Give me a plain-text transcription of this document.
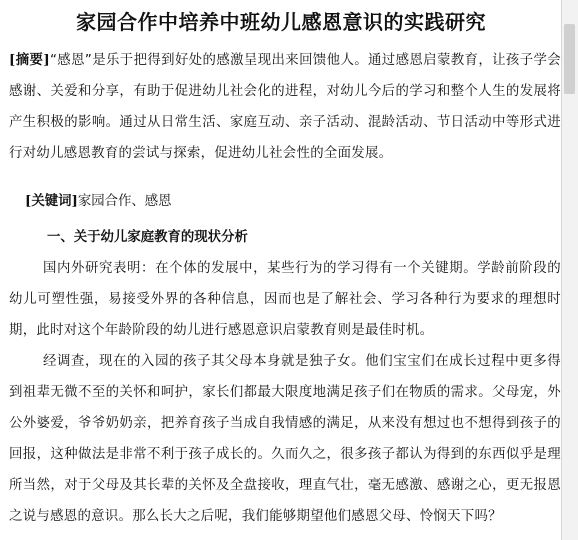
家园合作中培养中班幼儿感恩意识的实践研究

[摘要]“感恩”是乐于把得到好处的感激呈现出来回馈他人。通过感恩启蒙教育，让孩子学会感谢、关爱和分享，有助于促进幼儿社会化的进程，对幼儿今后的学习和整个人生的发展将产生积极的影响。通过从日常生活、家庭互动、亲子活动、混龄活动、节日活动中等形式进行对幼儿感恩教育的尝试与探索，促进幼儿社会性的全面发展。

[关键词]家园合作、感恩

一、关于幼儿家庭教育的现状分析

国内外研究表明：在个体的发展中，某些行为的学习得有一个关键期。学龄前阶段的幼儿可塑性强，易接受外界的各种信息，因而也是了解社会、学习各种行为要求的理想时期，此时对这个年龄阶段的幼儿进行感恩意识启蒙教育则是最佳时机。

经调查，现在的入园的孩子其父母本身就是独子女。他们宝宝们在成长过程中更多得到祖辈无微不至的关怀和呵护，家长们都最大限度地满足孩子们在物质的需求。父母宠，外公外婆爱，爷爷奶奶亲，把养育孩子当成自我情感的满足，从来没有想过也不想得到孩子的回报，这种做法是非常不利于孩子成长的。久而久之，很多孩子都认为得到的东西似乎是理所当然，对于父母及其长辈的关怀及全盘接收，理直气壮，毫无感激、感谢之心，更无报恩之说与感恩的意识。那么长大之后呢，我们能够期望他们感恩父母、怜悯天下吗？
